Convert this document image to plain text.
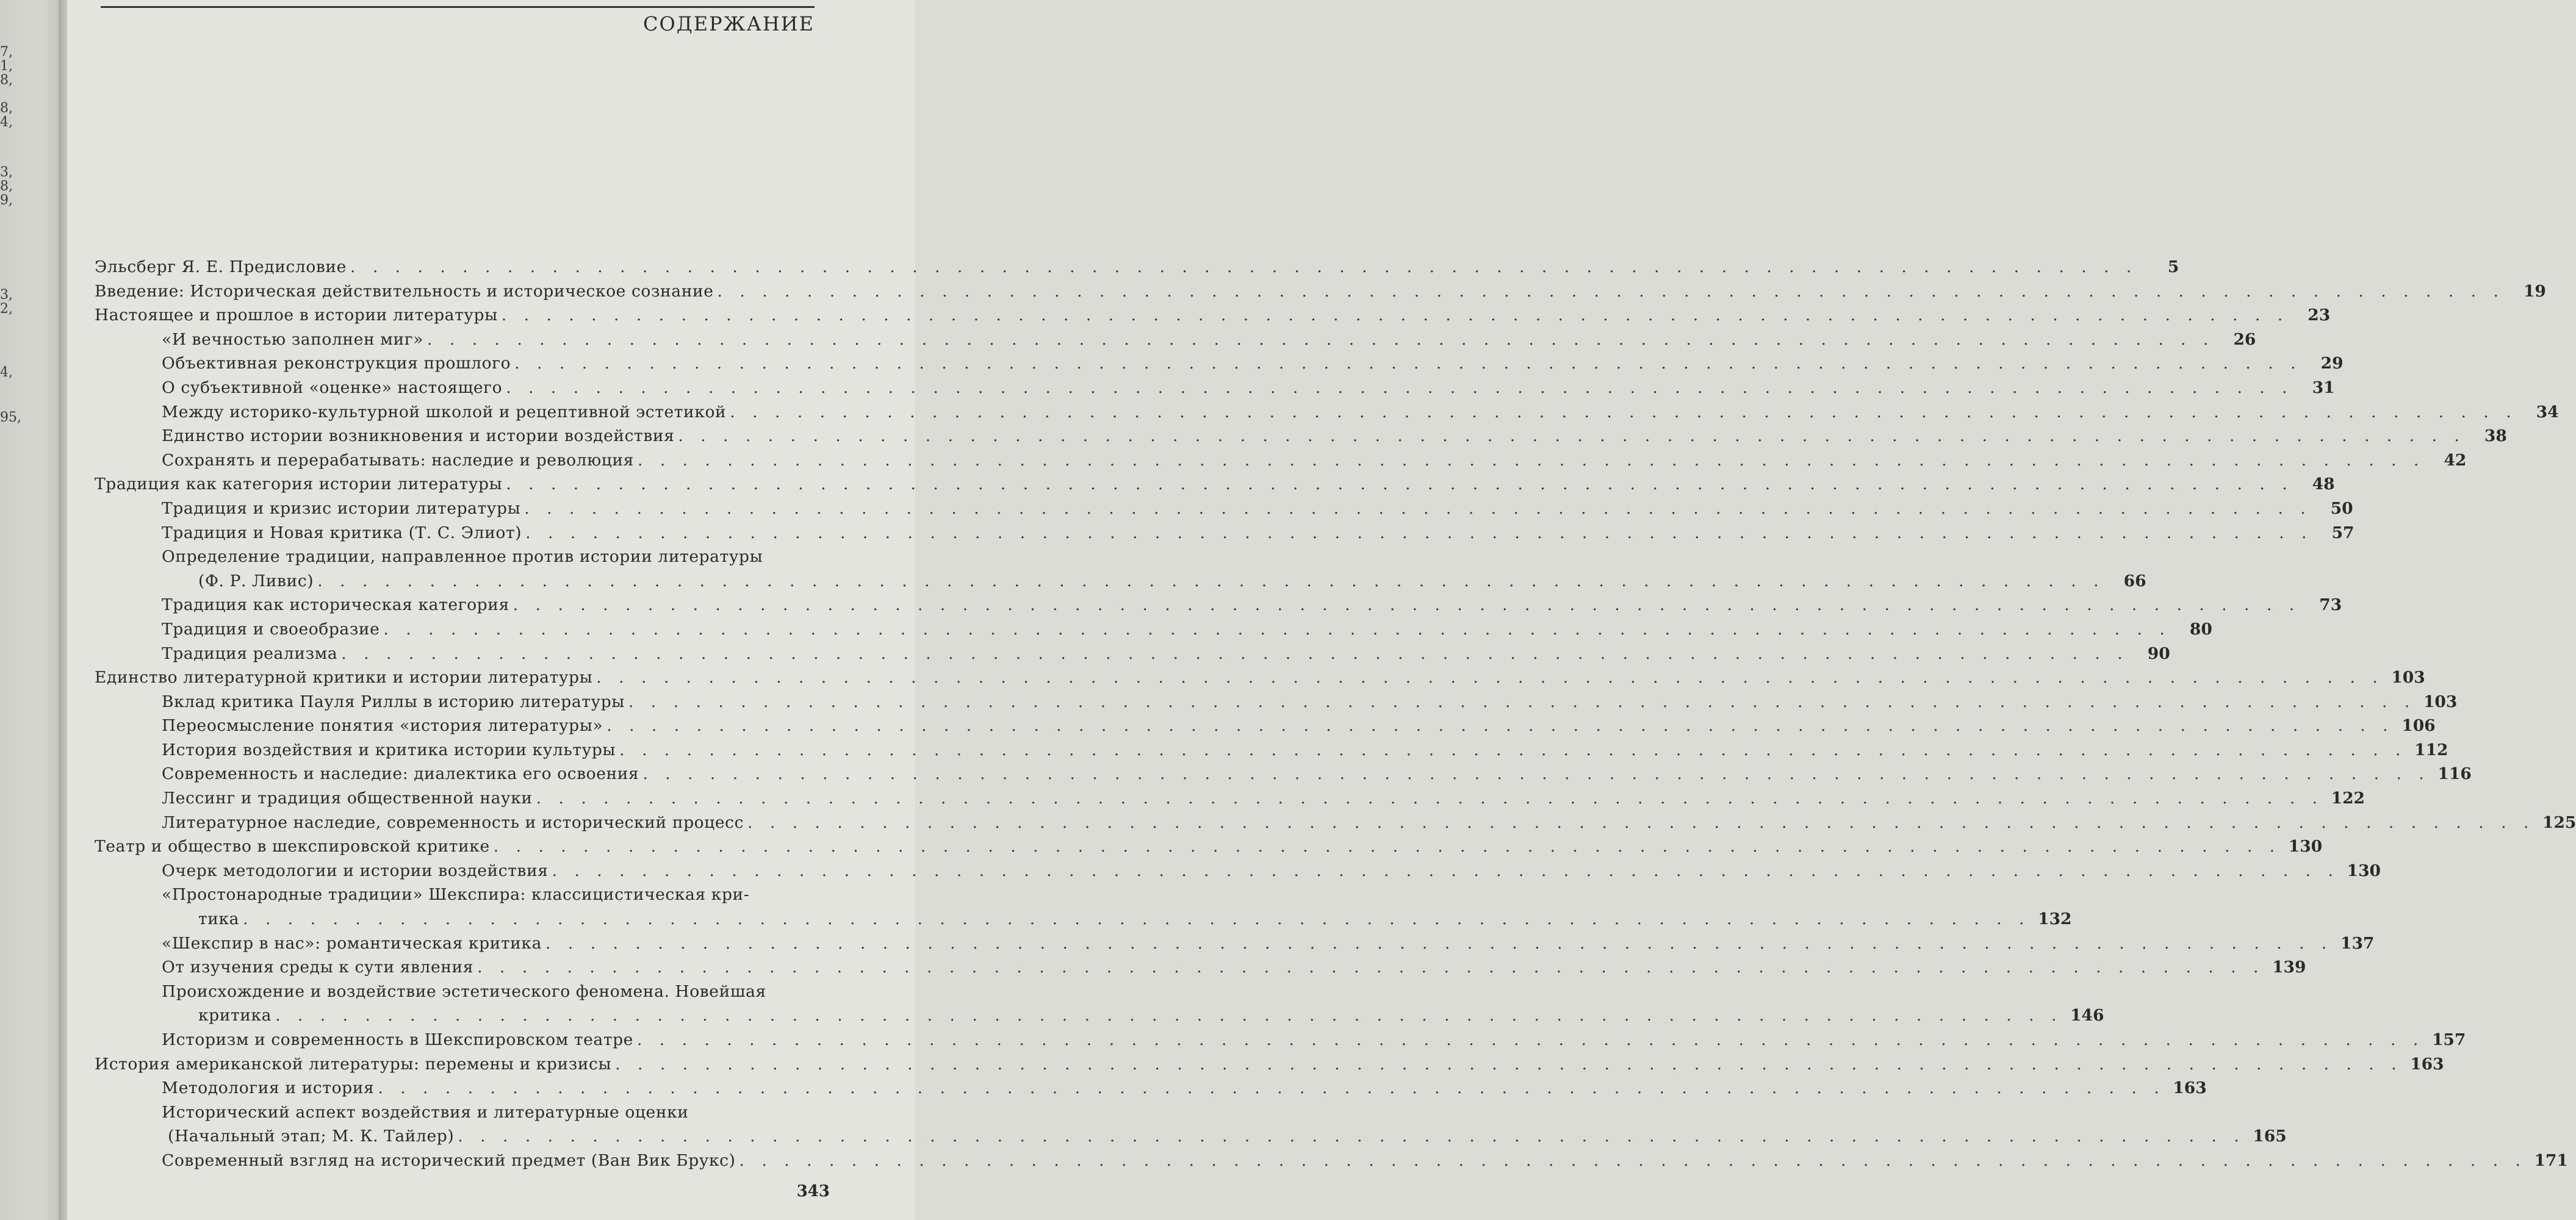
7,
1,
8,
8,
4,
3,
8,
9,
3,
2,
4,
95,
СОДЕРЖАНИЕ
Эльсберг Я. Е. Предисловие . . . . . . . . . . . . . . . . . . . . . . . . . . . . . . . . . . . . . . . . . . . . . . . . . . . . . . . . . . . . . . . . . . . . . . . . . . . . . . . .	5
Введение: Историческая действительность и историческое сознание . . . . . . . . . . . . . . . . . . . . . . . . . . . . . . . . . . . . . . . . . . . . . . . . . . . . . . . . . . . . . . . . . . . . . . . . . . . . . . . .	19
Настоящее и прошлое в истории литературы . . . . . . . . . . . . . . . . . . . . . . . . . . . . . . . . . . . . . . . . . . . . . . . . . . . . . . . . . . . . . . . . . . . . . . . . . . . . . . . .	23
«И вечностью заполнен миг» . . . . . . . . . . . . . . . . . . . . . . . . . . . . . . . . . . . . . . . . . . . . . . . . . . . . . . . . . . . . . . . . . . . . . . . . . . . . . . . .	26
Объективная реконструкция прошлого . . . . . . . . . . . . . . . . . . . . . . . . . . . . . . . . . . . . . . . . . . . . . . . . . . . . . . . . . . . . . . . . . . . . . . . . . . . . . . . .	29
О субъективной «оценке» настоящего . . . . . . . . . . . . . . . . . . . . . . . . . . . . . . . . . . . . . . . . . . . . . . . . . . . . . . . . . . . . . . . . . . . . . . . . . . . . . . . .	31
Между историко-культурной школой и рецептивной эстетикой . . . . . . . . . . . . . . . . . . . . . . . . . . . . . . . . . . . . . . . . . . . . . . . . . . . . . . . . . . . . . . . . . . . . . . . . . . . . . . . .	34
Единство истории возникновения и истории воздействия . . . . . . . . . . . . . . . . . . . . . . . . . . . . . . . . . . . . . . . . . . . . . . . . . . . . . . . . . . . . . . . . . . . . . . . . . . . . . . . .	38
Сохранять и перерабатывать: наследие и революция . . . . . . . . . . . . . . . . . . . . . . . . . . . . . . . . . . . . . . . . . . . . . . . . . . . . . . . . . . . . . . . . . . . . . . . . . . . . . . . .	42
Традиция как категория истории литературы . . . . . . . . . . . . . . . . . . . . . . . . . . . . . . . . . . . . . . . . . . . . . . . . . . . . . . . . . . . . . . . . . . . . . . . . . . . . . . . .	48
Традиция и кризис истории литературы . . . . . . . . . . . . . . . . . . . . . . . . . . . . . . . . . . . . . . . . . . . . . . . . . . . . . . . . . . . . . . . . . . . . . . . . . . . . . . . .	50
Традиция и Новая критика (Т. С. Элиот) . . . . . . . . . . . . . . . . . . . . . . . . . . . . . . . . . . . . . . . . . . . . . . . . . . . . . . . . . . . . . . . . . . . . . . . . . . . . . . . .	57
Определение традиции, направленное против истории литературы
(Ф. Р. Ливис) . . . . . . . . . . . . . . . . . . . . . . . . . . . . . . . . . . . . . . . . . . . . . . . . . . . . . . . . . . . . . . . . . . . . . . . . . . . . . . . .	66
Традиция как историческая категория . . . . . . . . . . . . . . . . . . . . . . . . . . . . . . . . . . . . . . . . . . . . . . . . . . . . . . . . . . . . . . . . . . . . . . . . . . . . . . . .	73
Традиция и своеобразие . . . . . . . . . . . . . . . . . . . . . . . . . . . . . . . . . . . . . . . . . . . . . . . . . . . . . . . . . . . . . . . . . . . . . . . . . . . . . . . .	80
Традиция реализма . . . . . . . . . . . . . . . . . . . . . . . . . . . . . . . . . . . . . . . . . . . . . . . . . . . . . . . . . . . . . . . . . . . . . . . . . . . . . . . .	90
Единство литературной критики и истории литературы . . . . . . . . . . . . . . . . . . . . . . . . . . . . . . . . . . . . . . . . . . . . . . . . . . . . . . . . . . . . . . . . . . . . . . . . . . . . . . . . 103
Вклад критика Пауля Риллы в историю литературы . . . . . . . . . . . . . . . . . . . . . . . . . . . . . . . . . . . . . . . . . . . . . . . . . . . . . . . . . . . . . . . . . . . . . . . . . . . . . . . . 103
Переосмысление понятия «история литературы» . . . . . . . . . . . . . . . . . . . . . . . . . . . . . . . . . . . . . . . . . . . . . . . . . . . . . . . . . . . . . . . . . . . . . . . . . . . . . . . . 106
История воздействия и критика истории культуры . . . . . . . . . . . . . . . . . . . . . . . . . . . . . . . . . . . . . . . . . . . . . . . . . . . . . . . . . . . . . . . . . . . . . . . . . . . . . . . . 112
Современность и наследие: диалектика его освоения . . . . . . . . . . . . . . . . . . . . . . . . . . . . . . . . . . . . . . . . . . . . . . . . . . . . . . . . . . . . . . . . . . . . . . . . . . . . . . . . 116
Лессинг и традиция общественной науки . . . . . . . . . . . . . . . . . . . . . . . . . . . . . . . . . . . . . . . . . . . . . . . . . . . . . . . . . . . . . . . . . . . . . . . . . . . . . . . . 122
Литературное наследие, современность и исторический процесс . . . . . . . . . . . . . . . . . . . . . . . . . . . . . . . . . . . . . . . . . . . . . . . . . . . . . . . . . . . . . . . . . . . . . . . . . . . . . . . . 125
Театр и общество в шекспировской критике . . . . . . . . . . . . . . . . . . . . . . . . . . . . . . . . . . . . . . . . . . . . . . . . . . . . . . . . . . . . . . . . . . . . . . . . . . . . . . . . 130
Очерк методологии и истории воздействия . . . . . . . . . . . . . . . . . . . . . . . . . . . . . . . . . . . . . . . . . . . . . . . . . . . . . . . . . . . . . . . . . . . . . . . . . . . . . . . . 130
«Простонародные традиции» Шекспира: классицистическая кри-
тика . . . . . . . . . . . . . . . . . . . . . . . . . . . . . . . . . . . . . . . . . . . . . . . . . . . . . . . . . . . . . . . . . . . . . . . . . . . . . . . . 132
«Шекспир в нас»: романтическая критика . . . . . . . . . . . . . . . . . . . . . . . . . . . . . . . . . . . . . . . . . . . . . . . . . . . . . . . . . . . . . . . . . . . . . . . . . . . . . . . . 137
От изучения среды к сути явления . . . . . . . . . . . . . . . . . . . . . . . . . . . . . . . . . . . . . . . . . . . . . . . . . . . . . . . . . . . . . . . . . . . . . . . . . . . . . . . . 139
Происхождение и воздействие эстетического феномена. Новейшая
критика . . . . . . . . . . . . . . . . . . . . . . . . . . . . . . . . . . . . . . . . . . . . . . . . . . . . . . . . . . . . . . . . . . . . . . . . . . . . . . . . 146
Историзм и современность в Шекспировском театре . . . . . . . . . . . . . . . . . . . . . . . . . . . . . . . . . . . . . . . . . . . . . . . . . . . . . . . . . . . . . . . . . . . . . . . . . . . . . . . . 157
История американской литературы: перемены и кризисы . . . . . . . . . . . . . . . . . . . . . . . . . . . . . . . . . . . . . . . . . . . . . . . . . . . . . . . . . . . . . . . . . . . . . . . . . . . . . . . . 163
Методология и история . . . . . . . . . . . . . . . . . . . . . . . . . . . . . . . . . . . . . . . . . . . . . . . . . . . . . . . . . . . . . . . . . . . . . . . . . . . . . . . . 163
Исторический аспект воздействия и литературные оценки
(Начальный этап; М. К. Тайлер) . . . . . . . . . . . . . . . . . . . . . . . . . . . . . . . . . . . . . . . . . . . . . . . . . . . . . . . . . . . . . . . . . . . . . . . . . . . . . . . . 165
Современный взгляд на исторический предмет (Ван Вик Брукс) . . . . . . . . . . . . . . . . . . . . . . . . . . . . . . . . . . . . . . . . . . . . . . . . . . . . . . . . . . . . . . . . . . . . . . . . . . . . . . . . 171
343
